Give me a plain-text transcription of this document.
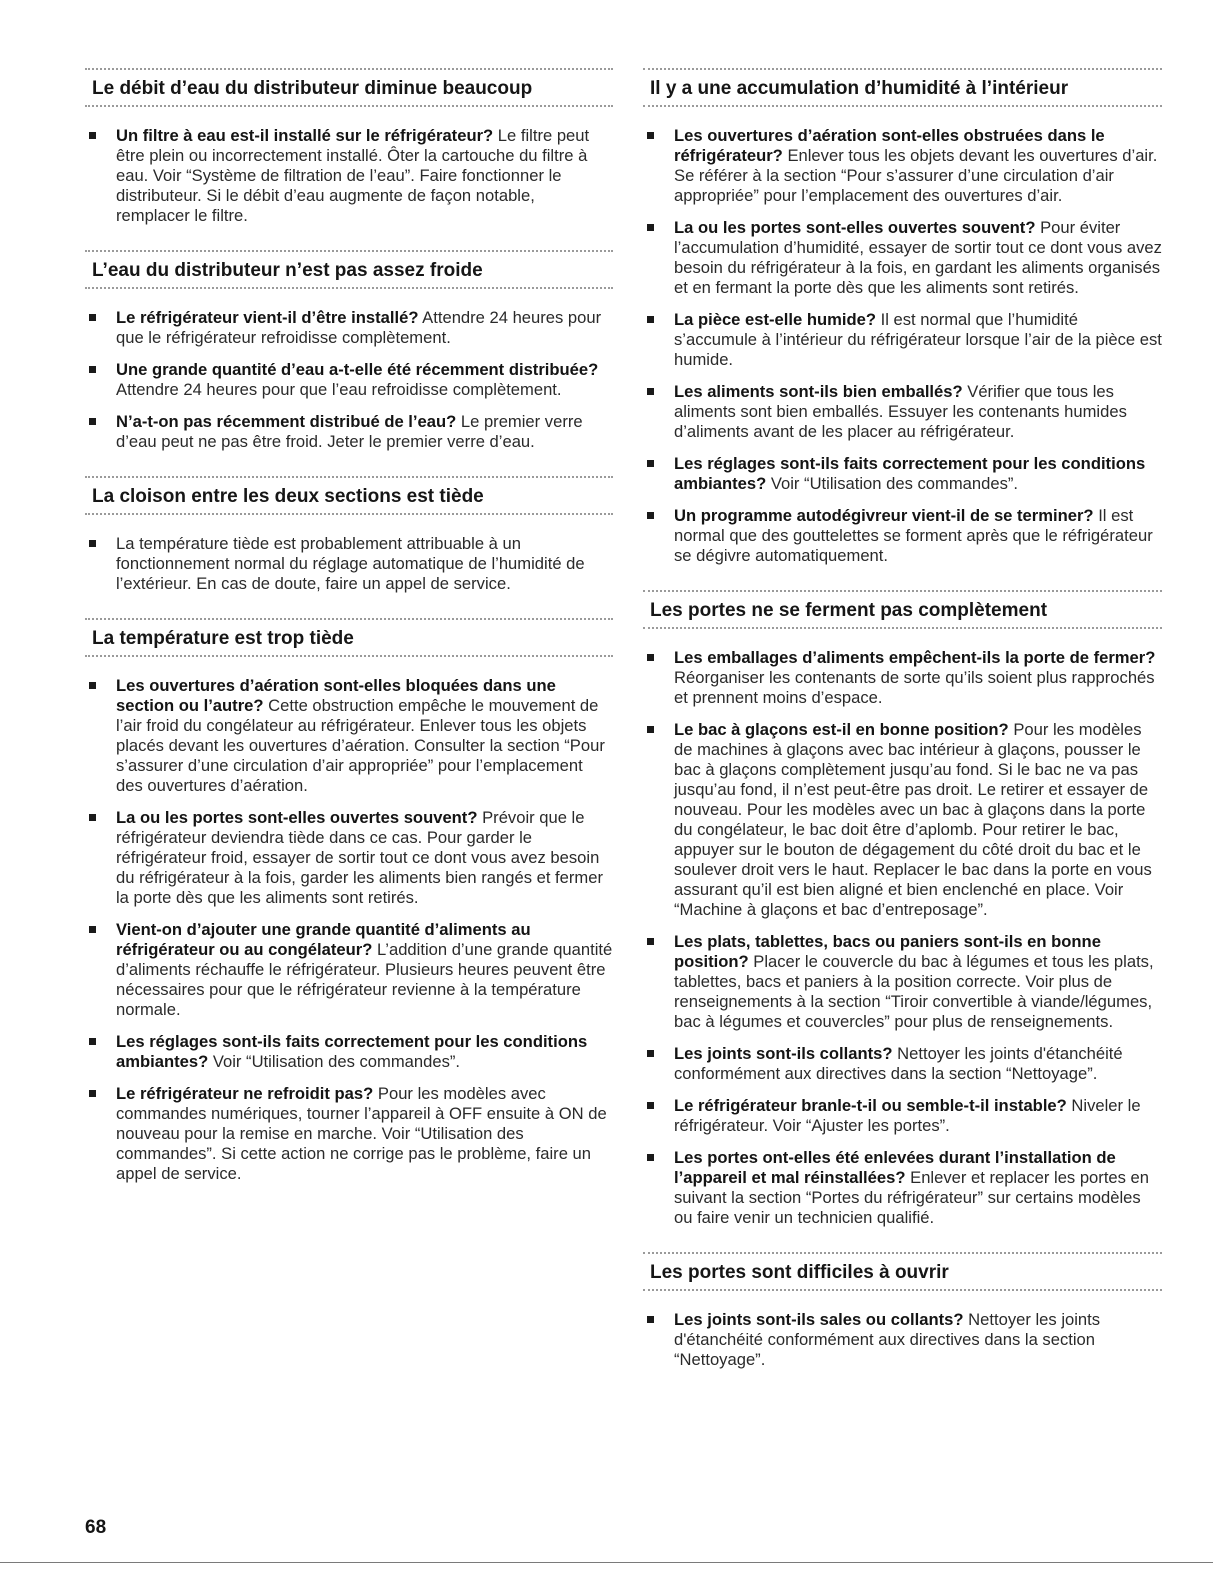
Le débit d’eau du distributeur diminue beaucoup
Un filtre à eau est-il installé sur le réfrigérateur? Le filtre peut être plein ou incorrectement installé. Ôter la cartouche du filtre à eau. Voir “Système de filtration de l’eau”. Faire fonctionner le distributeur. Si le débit d’eau augmente de façon notable, remplacer le filtre.
L’eau du distributeur n’est pas assez froide
Le réfrigérateur vient-il d’être installé? Attendre 24 heures pour que le réfrigérateur refroidisse complètement.
Une grande quantité d’eau a-t-elle été récemment distribuée? Attendre 24 heures pour que l’eau refroidisse complètement.
N’a-t-on pas récemment distribué de l’eau? Le premier verre d’eau peut ne pas être froid. Jeter le premier verre d’eau.
La cloison entre les deux sections est tiède
La température tiède est probablement attribuable à un fonctionnement normal du réglage automatique de l’humidité de l’extérieur. En cas de doute, faire un appel de service.
La température est trop tiède
Les ouvertures d’aération sont-elles bloquées dans une section ou l’autre? Cette obstruction empêche le mouvement de l’air froid du congélateur au réfrigérateur. Enlever tous les objets placés devant les ouvertures d’aération. Consulter la section “Pour s’assurer d’une circulation d’air appropriée” pour l’emplacement des ouvertures d’aération.
La ou les portes sont-elles ouvertes souvent? Prévoir que le réfrigérateur deviendra tiède dans ce cas. Pour garder le réfrigérateur froid, essayer de sortir tout ce dont vous avez besoin du réfrigérateur à la fois, garder les aliments bien rangés et fermer la porte dès que les aliments sont retirés.
Vient-on d’ajouter une grande quantité d’aliments au réfrigérateur ou au congélateur? L’addition d’une grande quantité d’aliments réchauffe le réfrigérateur. Plusieurs heures peuvent être nécessaires pour que le réfrigérateur revienne à la température normale.
Les réglages sont-ils faits correctement pour les conditions ambiantes? Voir “Utilisation des commandes”.
Le réfrigérateur ne refroidit pas? Pour les modèles avec commandes numériques, tourner l’appareil à OFF ensuite à ON de nouveau pour la remise en marche. Voir “Utilisation des commandes”. Si cette action ne corrige pas le problème, faire un appel de service.
Il y a une accumulation d’humidité à l’intérieur
Les ouvertures d’aération sont-elles obstruées dans le réfrigérateur? Enlever tous les objets devant les ouvertures d’air. Se référer à la section “Pour s’assurer d’une circulation d’air appropriée” pour l’emplacement des ouvertures d’air.
La ou les portes sont-elles ouvertes souvent? Pour éviter l’accumulation d’humidité, essayer de sortir tout ce dont vous avez besoin du réfrigérateur à la fois, en gardant les aliments organisés et en fermant la porte dès que les aliments sont retirés.
La pièce est-elle humide? Il est normal que l’humidité s’accumule à l’intérieur du réfrigérateur lorsque l’air de la pièce est humide.
Les aliments sont-ils bien emballés? Vérifier que tous les aliments sont bien emballés. Essuyer les contenants humides d’aliments avant de les placer au réfrigérateur.
Les réglages sont-ils faits correctement pour les conditions ambiantes? Voir “Utilisation des commandes”.
Un programme autodégivreur vient-il de se terminer? Il est normal que des gouttelettes se forment après que le réfrigérateur se dégivre automatiquement.
Les portes ne se ferment pas complètement
Les emballages d’aliments empêchent-ils la porte de fermer? Réorganiser les contenants de sorte qu’ils soient plus rapprochés et prennent moins d’espace.
Le bac à glaçons est-il en bonne position? Pour les modèles de machines à glaçons avec bac intérieur à glaçons, pousser le bac à glaçons complètement jusqu’au fond. Si le bac ne va pas jusqu’au fond, il n’est peut-être pas droit. Le retirer et essayer de nouveau. Pour les modèles avec un bac à glaçons dans la porte du congélateur, le bac doit être d’aplomb. Pour retirer le bac, appuyer sur le bouton de dégagement du côté droit du bac et le soulever droit vers le haut. Replacer le bac dans la porte en vous assurant qu’il est bien aligné et bien enclenché en place. Voir “Machine à glaçons et bac d’entreposage”.
Les plats, tablettes, bacs ou paniers sont-ils en bonne position? Placer le couvercle du bac à légumes et tous les plats, tablettes, bacs et paniers à la position correcte. Voir plus de renseignements à la section “Tiroir convertible à viande/légumes, bac à légumes et couvercles” pour plus de renseignements.
Les joints sont-ils collants? Nettoyer les joints d'étanchéité conformément aux directives dans la section “Nettoyage”.
Le réfrigérateur branle-t-il ou semble-t-il instable? Niveler le réfrigérateur. Voir “Ajuster les portes”.
Les portes ont-elles été enlevées durant l’installation de l’appareil et mal réinstallées? Enlever et replacer les portes en suivant la section “Portes du réfrigérateur” sur certains modèles ou faire venir un technicien qualifié.
Les portes sont difficiles à ouvrir
Les joints sont-ils sales ou collants? Nettoyer les joints d'étanchéité conformément aux directives dans la section “Nettoyage”.
68
